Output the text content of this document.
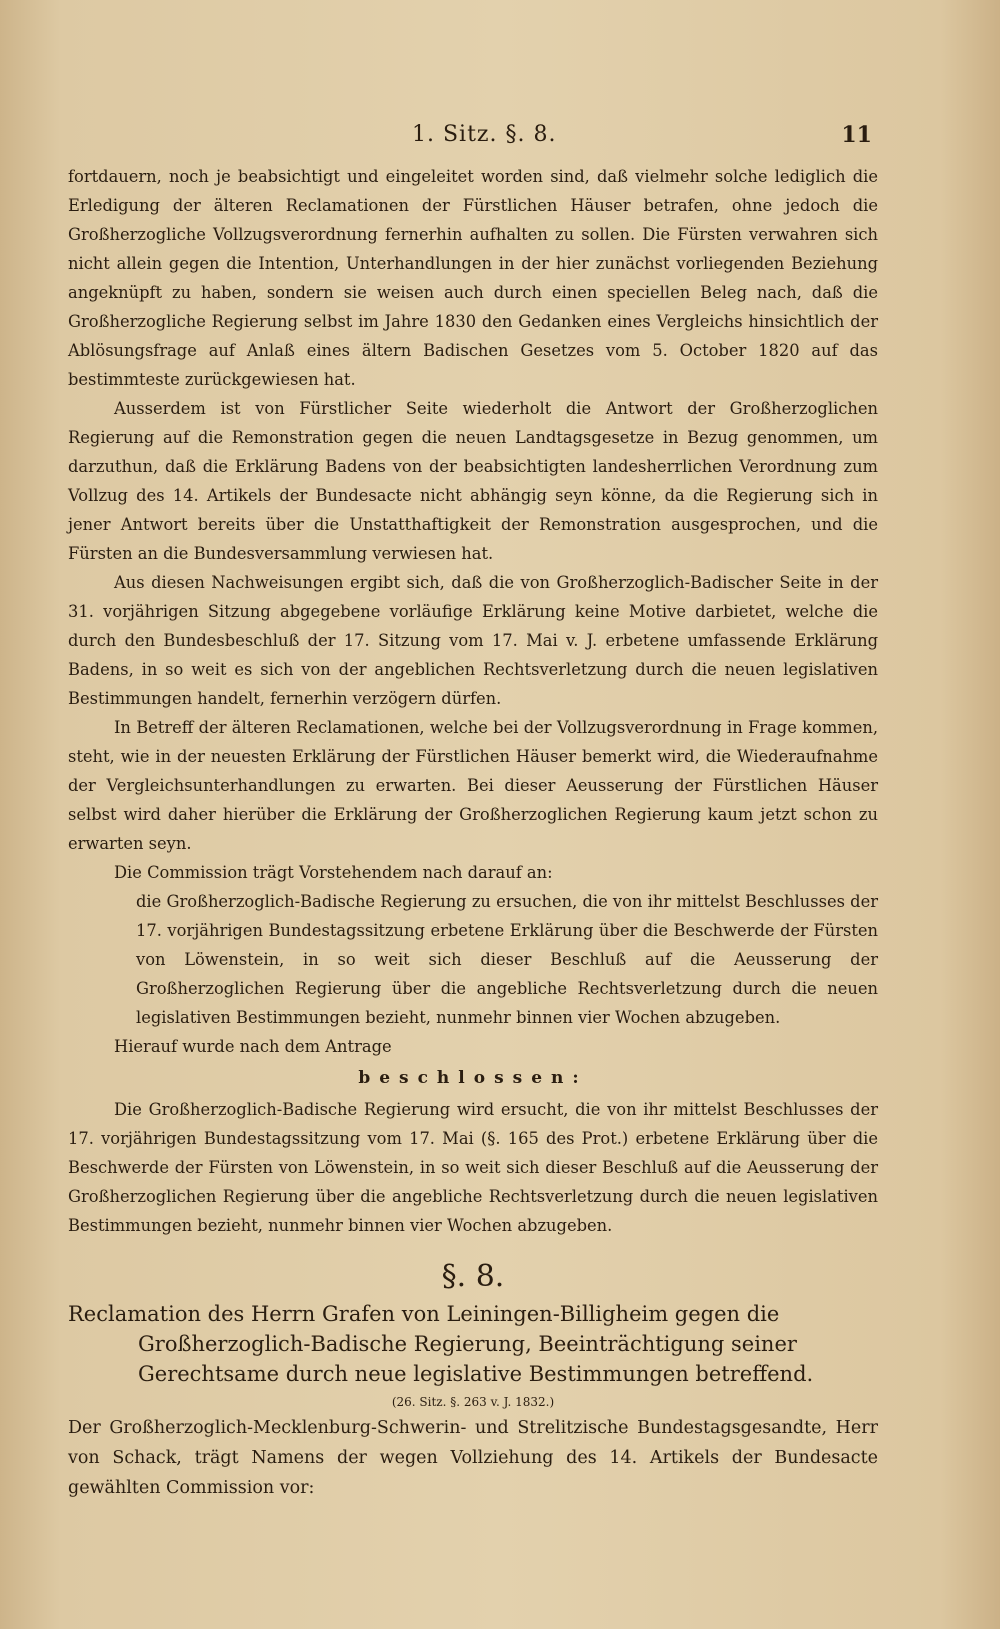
1. Sitz. §. 8.	11

fortdauern, noch je beabsichtigt und eingeleitet worden sind, daß vielmehr solche lediglich die Erledigung der älteren Reclamationen der Fürstlichen Häuser betrafen, ohne jedoch die Großherzogliche Vollzugsverordnung fernerhin aufhalten zu sollen. Die Fürsten verwahren sich nicht allein gegen die Intention, Unterhandlungen in der hier zunächst vorliegenden Beziehung angeknüpft zu haben, sondern sie weisen auch durch einen speciellen Beleg nach, daß die Großherzogliche Regierung selbst im Jahre 1830 den Gedanken eines Vergleichs hinsichtlich der Ablösungsfrage auf Anlaß eines ältern Badischen Gesetzes vom 5. October 1820 auf das bestimmteste zurückgewiesen hat.

Ausserdem ist von Fürstlicher Seite wiederholt die Antwort der Großherzoglichen Regierung auf die Remonstration gegen die neuen Landtagsgesetze in Bezug genommen, um darzuthun, daß die Erklärung Badens von der beabsichtigten landesherrlichen Verordnung zum Vollzug des 14. Artikels der Bundesacte nicht abhängig seyn könne, da die Regierung sich in jener Antwort bereits über die Unstatthaftigkeit der Remonstration ausgesprochen, und die Fürsten an die Bundesversammlung verwiesen hat.

Aus diesen Nachweisungen ergibt sich, daß die von Großherzoglich-Badischer Seite in der 31. vorjährigen Sitzung abgegebene vorläufige Erklärung keine Motive darbietet, welche die durch den Bundesbeschluß der 17. Sitzung vom 17. Mai v. J. erbetene umfassende Erklärung Badens, in so weit es sich von der angeblichen Rechtsverletzung durch die neuen legislativen Bestimmungen handelt, fernerhin verzögern dürfen.

In Betreff der älteren Reclamationen, welche bei der Vollzugsverordnung in Frage kommen, steht, wie in der neuesten Erklärung der Fürstlichen Häuser bemerkt wird, die Wiederaufnahme der Vergleichsunterhandlungen zu erwarten. Bei dieser Aeusserung der Fürstlichen Häuser selbst wird daher hierüber die Erklärung der Großherzoglichen Regierung kaum jetzt schon zu erwarten seyn.

Die Commission trägt Vorstehendem nach darauf an:

die Großherzoglich-Badische Regierung zu ersuchen, die von ihr mittelst Beschlusses der 17. vorjährigen Bundestagssitzung erbetene Erklärung über die Beschwerde der Fürsten von Löwenstein, in so weit sich dieser Beschluß auf die Aeusserung der Großherzoglichen Regierung über die angebliche Rechtsverletzung durch die neuen legislativen Bestimmungen bezieht, nunmehr binnen vier Wochen abzugeben.

Hierauf wurde nach dem Antrage

beschlossen:

Die Großherzoglich-Badische Regierung wird ersucht, die von ihr mittelst Beschlusses der 17. vorjährigen Bundestagssitzung vom 17. Mai (§. 165 des Prot.) erbetene Erklärung über die Beschwerde der Fürsten von Löwenstein, in so weit sich dieser Beschluß auf die Aeusserung der Großherzoglichen Regierung über die angebliche Rechtsverletzung durch die neuen legislativen Bestimmungen bezieht, nunmehr binnen vier Wochen abzugeben.

§. 8.

Reclamation des Herrn Grafen von Leiningen-Billigheim gegen die Großherzoglich-Badische Regierung, Beeinträchtigung seiner Gerechtsame durch neue legislative Bestimmungen betreffend.

(26. Sitz. §. 263 v. J. 1832.)

Der Großherzoglich-Mecklenburg-Schwerin- und Strelitzische Bundestagsgesandte, Herr von Schack, trägt Namens der wegen Vollziehung des 14. Artikels der Bundesacte gewählten Commission vor:
